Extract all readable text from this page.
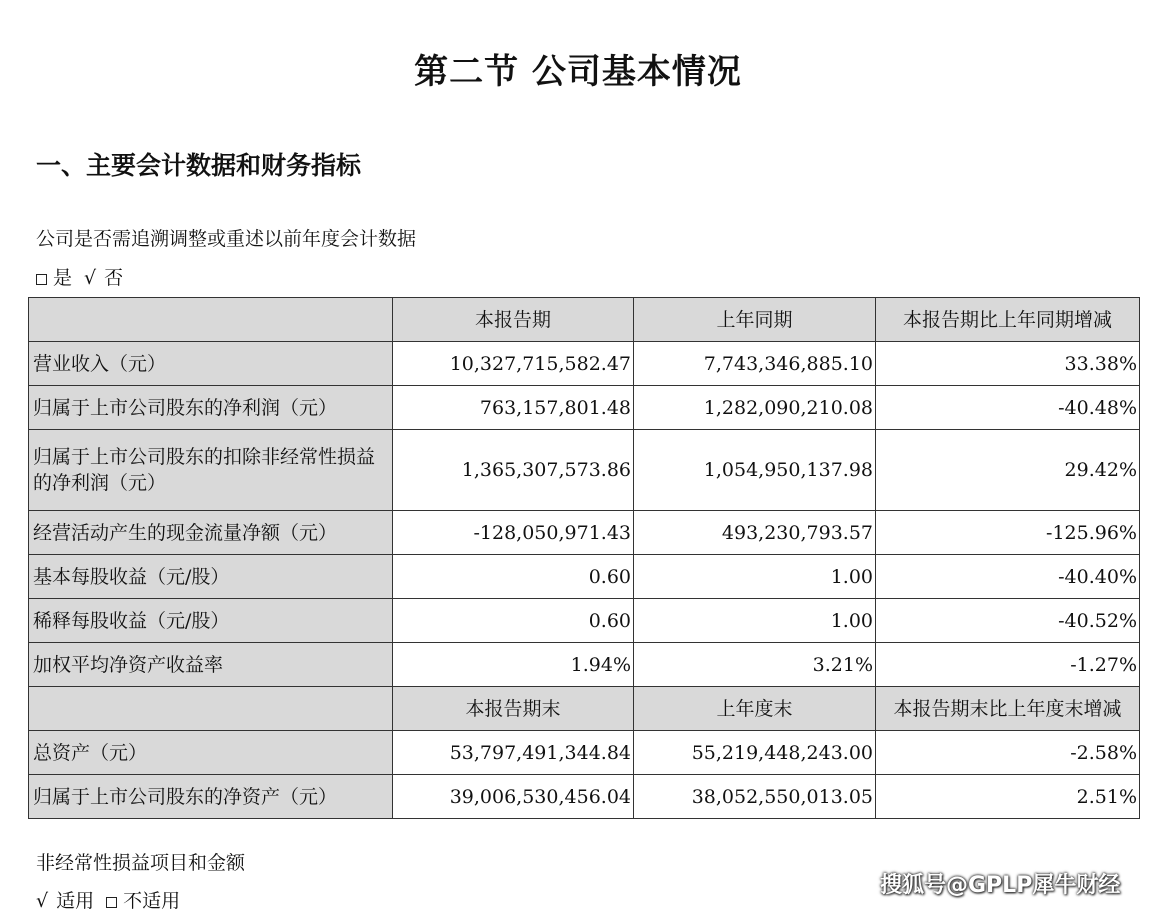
第二节 公司基本情况
一、主要会计数据和财务指标
公司是否需追溯调整或重述以前年度会计数据
是 √ 否
	本报告期	上年同期	本报告期比上年同期增减
营业收入（元）	10,327,715,582.47	7,743,346,885.10	33.38%
归属于上市公司股东的净利润（元）	763,157,801.48	1,282,090,210.08	-40.48%
归属于上市公司股东的扣除非经常性损益的净利润（元）	1,365,307,573.86	1,054,950,137.98	29.42%
经营活动产生的现金流量净额（元）	-128,050,971.43	493,230,793.57	-125.96%
基本每股收益（元/股）	0.60	1.00	-40.40%
稀释每股收益（元/股）	0.60	1.00	-40.52%
加权平均净资产收益率	1.94%	3.21%	-1.27%
	本报告期末	上年度末	本报告期末比上年度末增减
总资产（元）	53,797,491,344.84	55,219,448,243.00	-2.58%
归属于上市公司股东的净资产（元）	39,006,530,456.04	38,052,550,013.05	2.51%
非经常性损益项目和金额
√ 适用 不适用
搜狐号@GPLP犀牛财经
